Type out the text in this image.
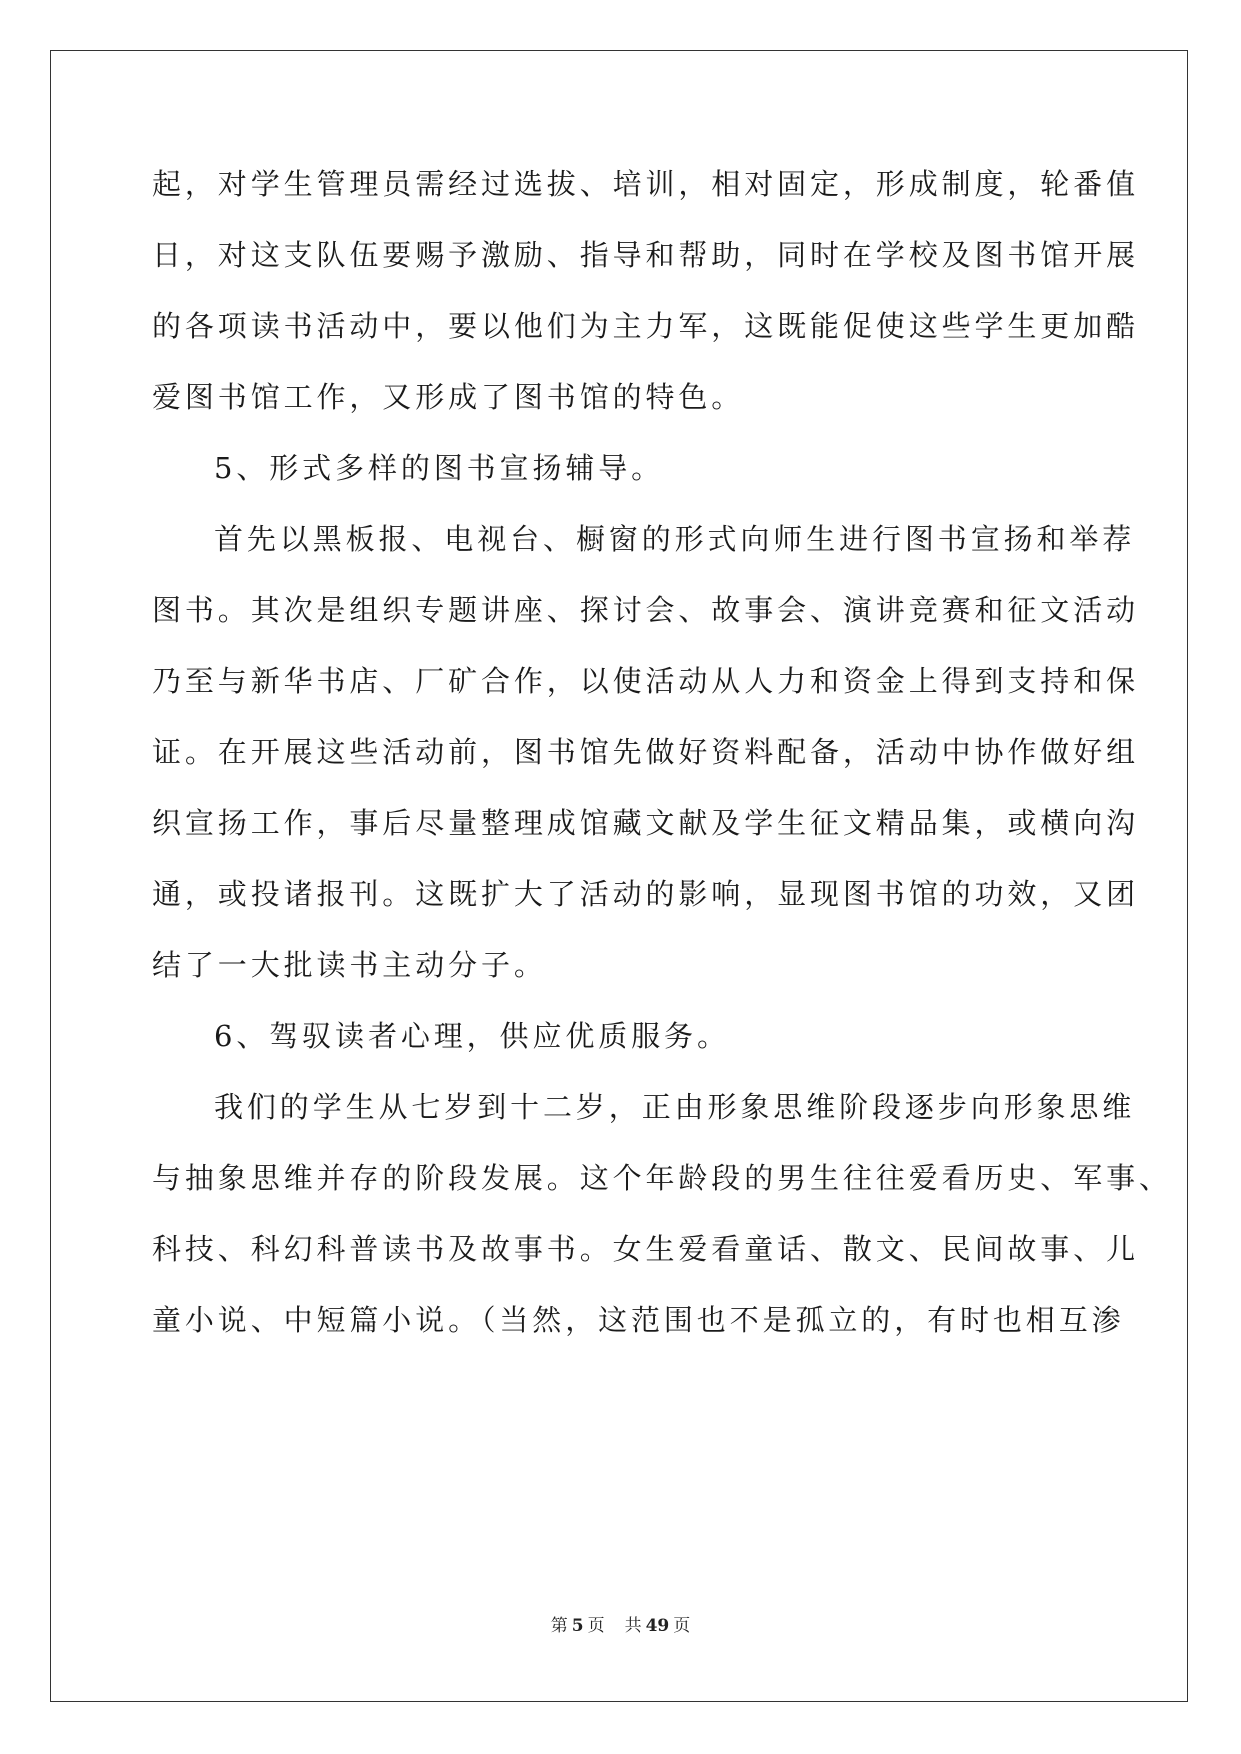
起，对学生管理员需经过选拔、培训，相对固定，形成制度，轮番值
日，对这支队伍要赐予激励、指导和帮助，同时在学校及图书馆开展
的各项读书活动中，要以他们为主力军，这既能促使这些学生更加酷
爱图书馆工作，又形成了图书馆的特色。
5、形式多样的图书宣扬辅导。
首先以黑板报、电视台、橱窗的形式向师生进行图书宣扬和举荐
图书。其次是组织专题讲座、探讨会、故事会、演讲竞赛和征文活动
乃至与新华书店、厂矿合作，以使活动从人力和资金上得到支持和保
证。在开展这些活动前，图书馆先做好资料配备，活动中协作做好组
织宣扬工作，事后尽量整理成馆藏文献及学生征文精品集，或横向沟
通，或投诸报刊。这既扩大了活动的影响，显现图书馆的功效，又团
结了一大批读书主动分子。
6、驾驭读者心理，供应优质服务。
我们的学生从七岁到十二岁，正由形象思维阶段逐步向形象思维
与抽象思维并存的阶段发展。这个年龄段的男生往往爱看历史、军事、
科技、科幻科普读书及故事书。女生爱看童话、散文、民间故事、儿
童小说、中短篇小说。（当然，这范围也不是孤立的，有时也相互渗
第 5 页 共 49 页
